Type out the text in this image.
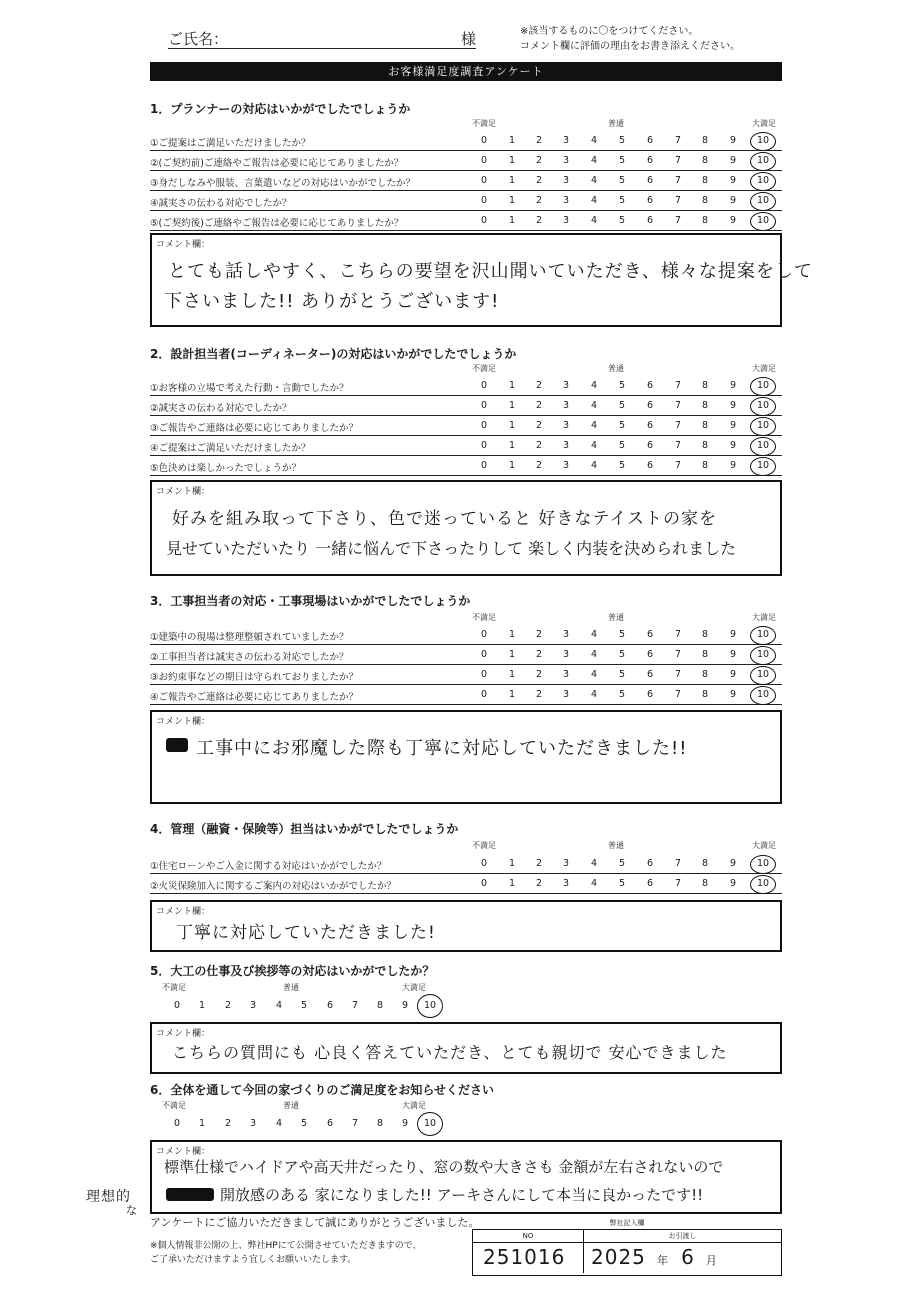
ご氏名：	様	※該当するものに〇をつけてください。
コメント欄に評価の理由をお書き添えください。
お客様満足度調査アンケート
1．プランナーの対応はいかがでしたでしょうか
不満足	普通	大満足
①ご提案はご満足いただけましたか？	0	1	2	3	4	5	6	7	8	9	10
②(ご契約前)ご連絡やご報告は必要に応じてありましたか？	0	1	2	3	4	5	6	7	8	9	10
③身だしなみや服装、言葉遣いなどの対応はいかがでしたか？	0	1	2	3	4	5	6	7	8	9	10
④誠実さの伝わる対応でしたか？	0	1	2	3	4	5	6	7	8	9	10
⑤(ご契約後)ご連絡やご報告は必要に応じてありましたか？	0	1	2	3	4	5	6	7	8	9	10
コメント欄：
とても話しやすく、こちらの要望を沢山聞いていただき、様々な提案をして
下さいました!! ありがとうございます!
2．設計担当者(コーディネーター)の対応はいかがでしたでしょうか
不満足	普通	大満足
①お客様の立場で考えた行動・言動でしたか？	0	1	2	3	4	5	6	7	8	9	10
②誠実さの伝わる対応でしたか？	0	1	2	3	4	5	6	7	8	9	10
③ご報告やご連絡は必要に応じてありましたか？	0	1	2	3	4	5	6	7	8	9	10
④ご提案はご満足いただけましたか？	0	1	2	3	4	5	6	7	8	9	10
⑤色決めは楽しかったでしょうか？	0	1	2	3	4	5	6	7	8	9	10
コメント欄：
好みを組み取って下さり、色で迷っていると 好きなテイストの家を
見せていただいたり 一緒に悩んで下さったりして 楽しく内装を決められました
3．工事担当者の対応・工事現場はいかがでしたでしょうか
不満足	普通	大満足
①建築中の現場は整理整頓されていましたか？	0	1	2	3	4	5	6	7	8	9	10
②工事担当者は誠実さの伝わる対応でしたか？	0	1	2	3	4	5	6	7	8	9	10
③お約束事などの期日は守られておりましたか？	0	1	2	3	4	5	6	7	8	9	10
④ご報告やご連絡は必要に応じてありましたか？	0	1	2	3	4	5	6	7	8	9	10
コメント欄：
工事中にお邪魔した際も丁寧に対応していただきました!!
4．管理（融資・保険等）担当はいかがでしたでしょうか
不満足	普通	大満足
①住宅ローンやご入金に関する対応はいかがでしたか？	0	1	2	3	4	5	6	7	8	9	10
②火災保険加入に関するご案内の対応はいかがでしたか？	0	1	2	3	4	5	6	7	8	9	10
コメント欄：
丁寧に対応していただきました!
5．大工の仕事及び挨拶等の対応はいかがでしたか？
不満足	普通	大満足
0	1	2	3	4	5	6	7	8	9	10
コメント欄：
こちらの質問にも 心良く答えていただき、とても親切で 安心できました
6．全体を通して今回の家づくりのご満足度をお知らせください
不満足	普通	大満足
0	1	2	3	4	5	6	7	8	9	10
コメント欄：
標準仕様でハイドアや高天井だったり、窓の数や大きさも 金額が左右されないので
開放感のある 家になりました!! アーキさんにして本当に良かったです!!
理想的
な
アンケートにご協力いただきまして誠にありがとうございました。
※個人情報非公開の上、弊社HPにて公開させていただきますので、
ご了承いただけますよう宜しくお願いいたします。
弊社記入欄
NO	お引渡し
251016	2025 年 6 月
